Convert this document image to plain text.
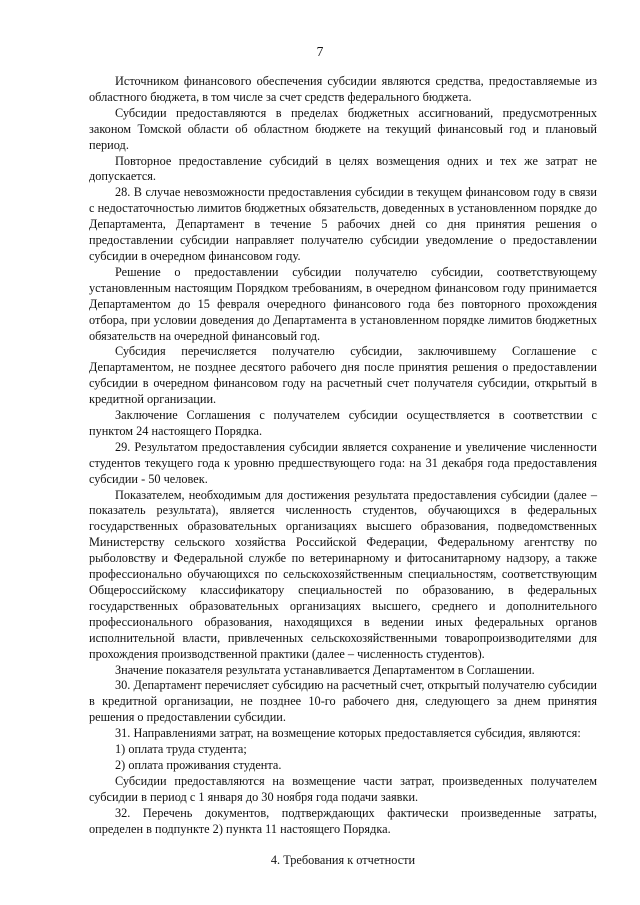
7

Источником финансового обеспечения субсидии являются средства, предоставляемые из областного бюджета, в том числе за счет средств федерального бюджета.

Субсидии предоставляются в пределах бюджетных ассигнований, предусмотренных законом Томской области об областном бюджете на текущий финансовый год и плановый период.

Повторное предоставление субсидий в целях возмещения одних и тех же затрат не допускается.

28. В случае невозможности предоставления субсидии в текущем финансовом году в связи с недостаточностью лимитов бюджетных обязательств, доведенных в установленном порядке до Департамента, Департамент в течение 5 рабочих дней со дня принятия решения о предоставлении субсидии направляет получателю субсидии уведомление о предоставлении субсидии в очередном финансовом году.

Решение о предоставлении субсидии получателю субсидии, соответствующему установленным настоящим Порядком требованиям, в очередном финансовом году принимается Департаментом до 15 февраля очередного финансового года без повторного прохождения отбора, при условии доведения до Департамента в установленном порядке лимитов бюджетных обязательств на очередной финансовый год.

Субсидия перечисляется получателю субсидии, заключившему Соглашение с Департаментом, не позднее десятого рабочего дня после принятия решения о предоставлении субсидии в очередном финансовом году на расчетный счет получателя субсидии, открытый в кредитной организации.

Заключение Соглашения с получателем субсидии осуществляется в соответствии с пунктом 24 настоящего Порядка.

29. Результатом предоставления субсидии является сохранение и увеличение численности студентов текущего года к уровню предшествующего года: на 31 декабря года предоставления субсидии - 50 человек.

Показателем, необходимым для достижения результата предоставления субсидии (далее – показатель результата), является численность студентов, обучающихся в федеральных государственных образовательных организациях высшего образования, подведомственных Министерству сельского хозяйства Российской Федерации, Федеральному агентству по рыболовству и Федеральной службе по ветеринарному и фитосанитарному надзору, а также профессионально обучающихся по сельскохозяйственным специальностям, соответствующим Общероссийскому классификатору специальностей по образованию, в федеральных государственных образовательных организациях высшего, среднего и дополнительного профессионального образования, находящихся в ведении иных федеральных органов исполнительной власти, привлеченных сельскохозяйственными товаропроизводителями для прохождения производственной практики (далее – численность студентов).

Значение показателя результата устанавливается Департаментом в Соглашении.

30. Департамент перечисляет субсидию на расчетный счет, открытый получателю субсидии в кредитной организации, не позднее 10-го рабочего дня, следующего за днем принятия решения о предоставлении субсидии.

31. Направлениями затрат, на возмещение которых предоставляется субсидия, являются:

1) оплата труда студента;

2) оплата проживания студента.

Субсидии предоставляются на возмещение части затрат, произведенных получателем субсидии в период с 1 января до 30 ноября года подачи заявки.

32. Перечень документов, подтверждающих фактически произведенные затраты, определен в подпункте 2) пункта 11 настоящего Порядка.

4. Требования к отчетности
